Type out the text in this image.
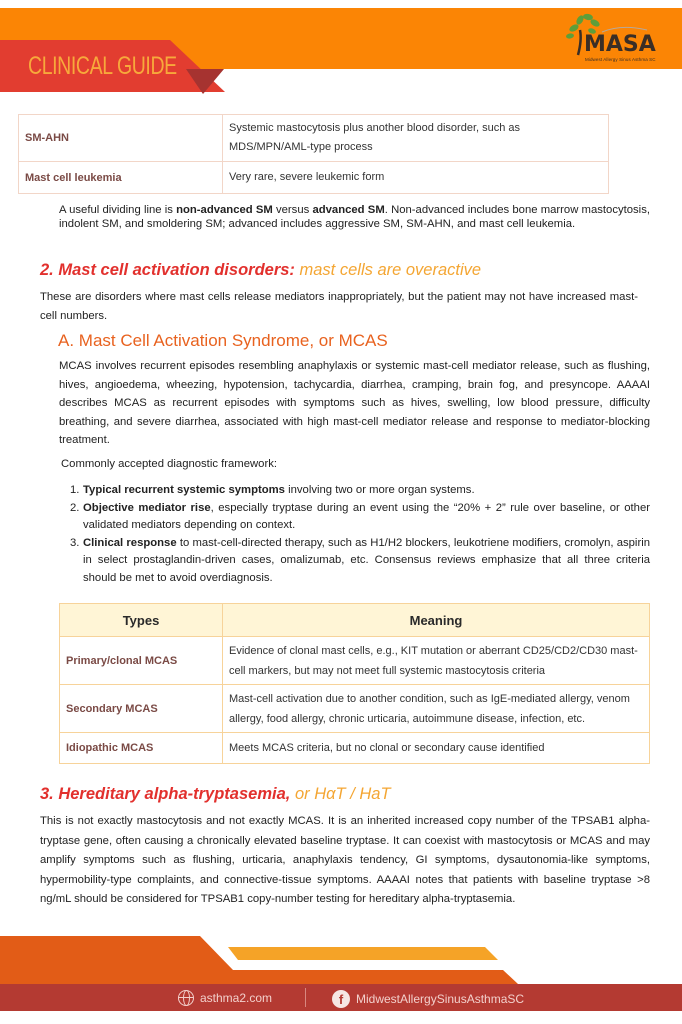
CLINICAL GUIDE
MASA
Midwest Allergy Sinus Asthma SC
SM-AHN	Systemic mastocytosis plus another blood disorder, such as MDS/MPN/AML-type process
Mast cell leukemia	Very rare, severe leukemic form

A useful dividing line is non-advanced SM versus advanced SM. Non-advanced includes bone marrow mastocytosis, indolent SM, and smoldering SM; advanced includes aggressive SM, SM-AHN, and mast cell leukemia.

2. Mast cell activation disorders: mast cells are overactive

These are disorders where mast cells release mediators inappropriately, but the patient may not have increased mast-cell numbers.

A. Mast Cell Activation Syndrome, or MCAS

MCAS involves recurrent episodes resembling anaphylaxis or systemic mast-cell mediator release, such as flushing, hives, angioedema, wheezing, hypotension, tachycardia, diarrhea, cramping, brain fog, and presyncope. AAAAI describes MCAS as recurrent episodes with symptoms such as hives, swelling, low blood pressure, difficulty breathing, and severe diarrhea, associated with high mast-cell mediator release and response to mediator-blocking treatment.

Commonly accepted diagnostic framework:

1. Typical recurrent systemic symptoms involving two or more organ systems.
2. Objective mediator rise, especially tryptase during an event using the “20% + 2” rule over baseline, or other validated mediators depending on context.
3. Clinical response to mast-cell-directed therapy, such as H1/H2 blockers, leukotriene modifiers, cromolyn, aspirin in select prostaglandin-driven cases, omalizumab, etc. Consensus reviews emphasize that all three criteria should be met to avoid overdiagnosis.
Types	Meaning
Primary/clonal MCAS	Evidence of clonal mast cells, e.g., KIT mutation or aberrant CD25/CD2/CD30 mast-cell markers, but may not meet full systemic mastocytosis criteria
Secondary MCAS	Mast-cell activation due to another condition, such as IgE-mediated allergy, venom allergy, food allergy, chronic urticaria, autoimmune disease, infection, etc.
Idiopathic MCAS	Meets MCAS criteria, but no clonal or secondary cause identified
3. Hereditary alpha-tryptasemia, or HαT / HaT

This is not exactly mastocytosis and not exactly MCAS. It is an inherited increased copy number of the TPSAB1 alpha-tryptase gene, often causing a chronically elevated baseline tryptase. It can coexist with mastocytosis or MCAS and may amplify symptoms such as flushing, urticaria, anaphylaxis tendency, GI symptoms, dysautonomia-like symptoms, hypermobility-type complaints, and connective-tissue symptoms. AAAAI notes that patients with baseline tryptase >8 ng/mL should be considered for TPSAB1 copy-number testing for hereditary alpha-tryptasemia.

asthma2.com	f	MidwestAllergySinusAsthmaSC
